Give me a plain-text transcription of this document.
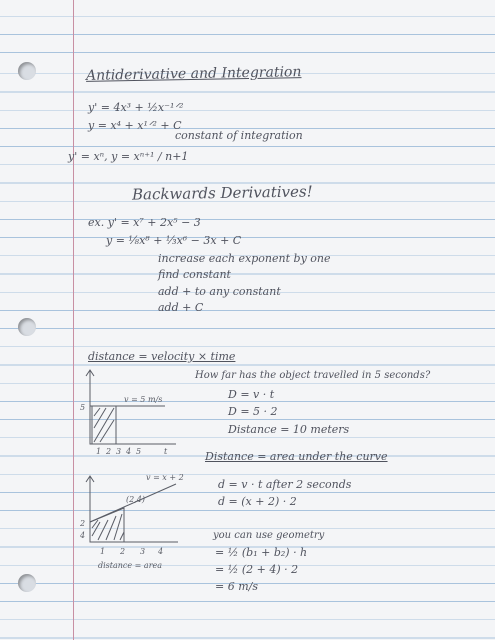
Antiderivative and Integration
y' = 4x³ + ½x⁻¹ᐟ²
y = x⁴ + x¹ᐟ² + C
constant of integration
y' = xⁿ, y = xⁿ⁺¹ / n+1
Backwards Derivatives!
ex. y' = x⁷ + 2x⁵ − 3
y = ⅛x⁸ + ⅓x⁶ − 3x + C
increase each exponent by one
find constant
add + to any constant
add + C
distance = velocity × time
How far has the object travelled in 5 seconds?
D = v · t
D = 5 · 2
Distance = 10 meters
5
1 2 3 4 5	t
v = 5 m/s
Distance = area under the curve
2
4
1 2 3 4
(2,4)
v = x + 2
distance = area
d = v · t after 2 seconds
d = (x + 2) · 2
you can use geometry
= ½ (b₁ + b₂) · h
= ½ (2 + 4) · 2
= 6 m/s
